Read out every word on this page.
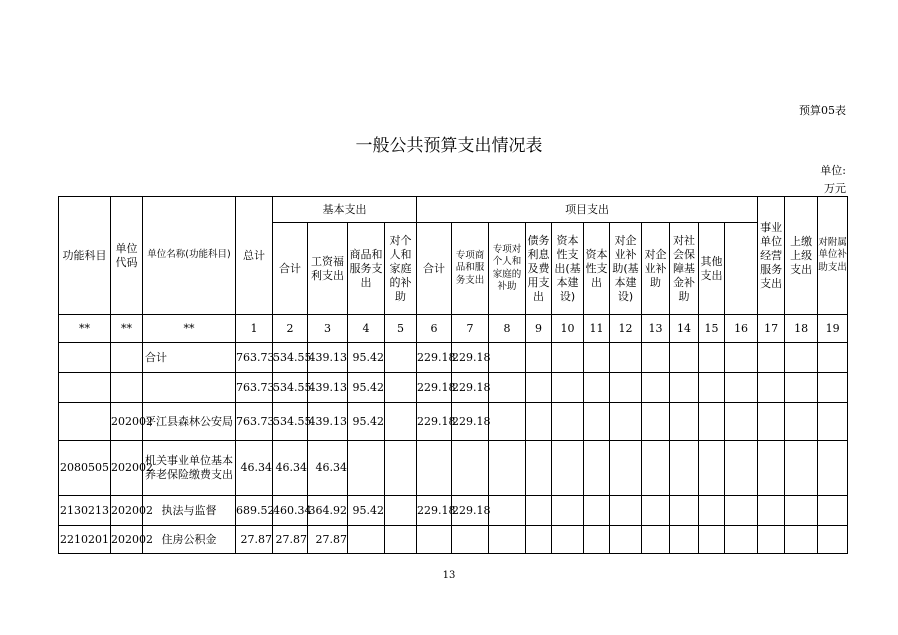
预算05表
一般公共预算支出情况表
单位:
万元
功能科目	单位代码	单位名称(功能科目)	总计	基本支出				项目支出											事业单位经营服务支出	上缴上级支出	对附属单位补助支出	
				合计	工资福利支出	商品和服务支出	对个人和家庭的补助	合计	专项商品和服务支出	专项对个人和家庭的补助	债务利息及费用支出	资本性支出(基本建设)	资本性支出	对企业补助(基本建设)	对企业补助	对社会保障基金补助	其他支出					
**	**	**	1	2	3	4	5	6	7	8	9	10	11	12	13	14	15	16	17	18	19	
		合计	763.73	534.55	439.13	95.42		229.18	229.18													
			763.73	534.55	439.13	95.42		229.18	229.18													
	202002	平江县森林公安局	763.73	534.55	439.13	95.42		229.18	229.18													
2080505	202002	机关事业单位基本养老保险缴费支出	46.34	46.34	46.34																	
2130213	202002	执法与监督	689.52	460.34	364.92	95.42		229.18	229.18													
2210201	202002	住房公积金	27.87	27.87	27.87																	
13
